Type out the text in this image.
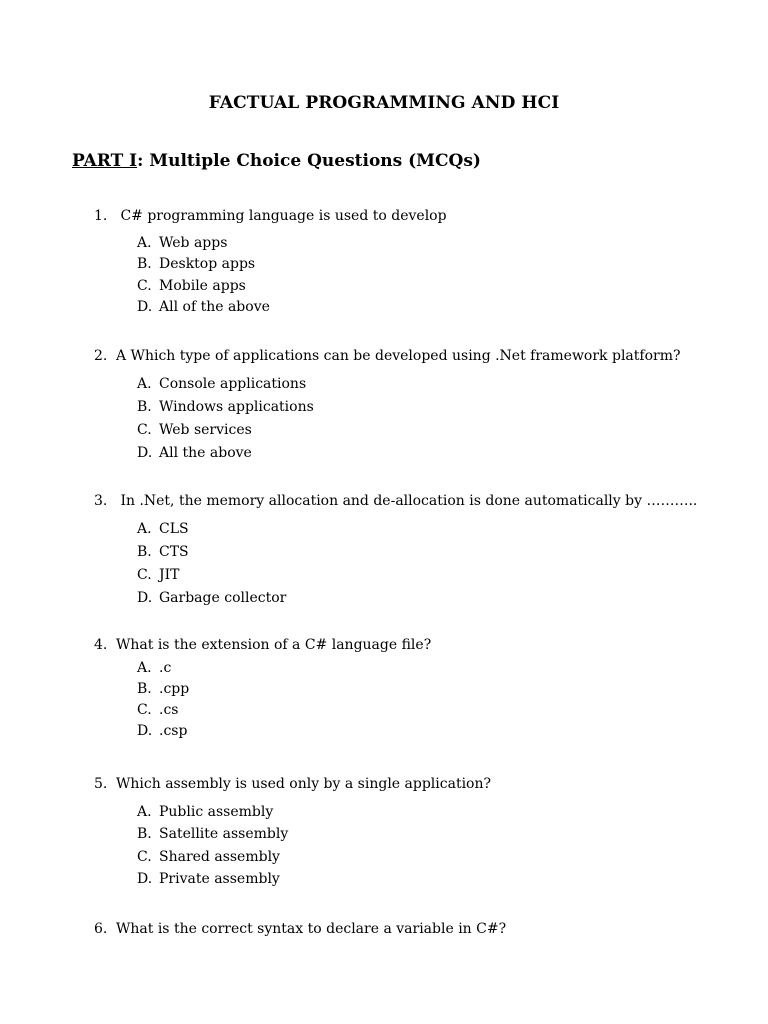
FACTUAL PROGRAMMING AND HCI
PART I: Multiple Choice Questions (MCQs)
1. C# programming language is used to develop
A. Web apps
B. Desktop apps
C. Mobile apps
D. All of the above
2. A Which type of applications can be developed using .Net framework platform?
A. Console applications
B. Windows applications
C. Web services
D. All the above
3. In .Net, the memory allocation and de-allocation is done automatically by ………..
A. CLS
B. CTS
C. JIT
D. Garbage collector
4. What is the extension of a C# language file?
A. .c
B. .cpp
C. .cs
D. .csp
5. Which assembly is used only by a single application?
A. Public assembly
B. Satellite assembly
C. Shared assembly
D. Private assembly
6. What is the correct syntax to declare a variable in C#?
